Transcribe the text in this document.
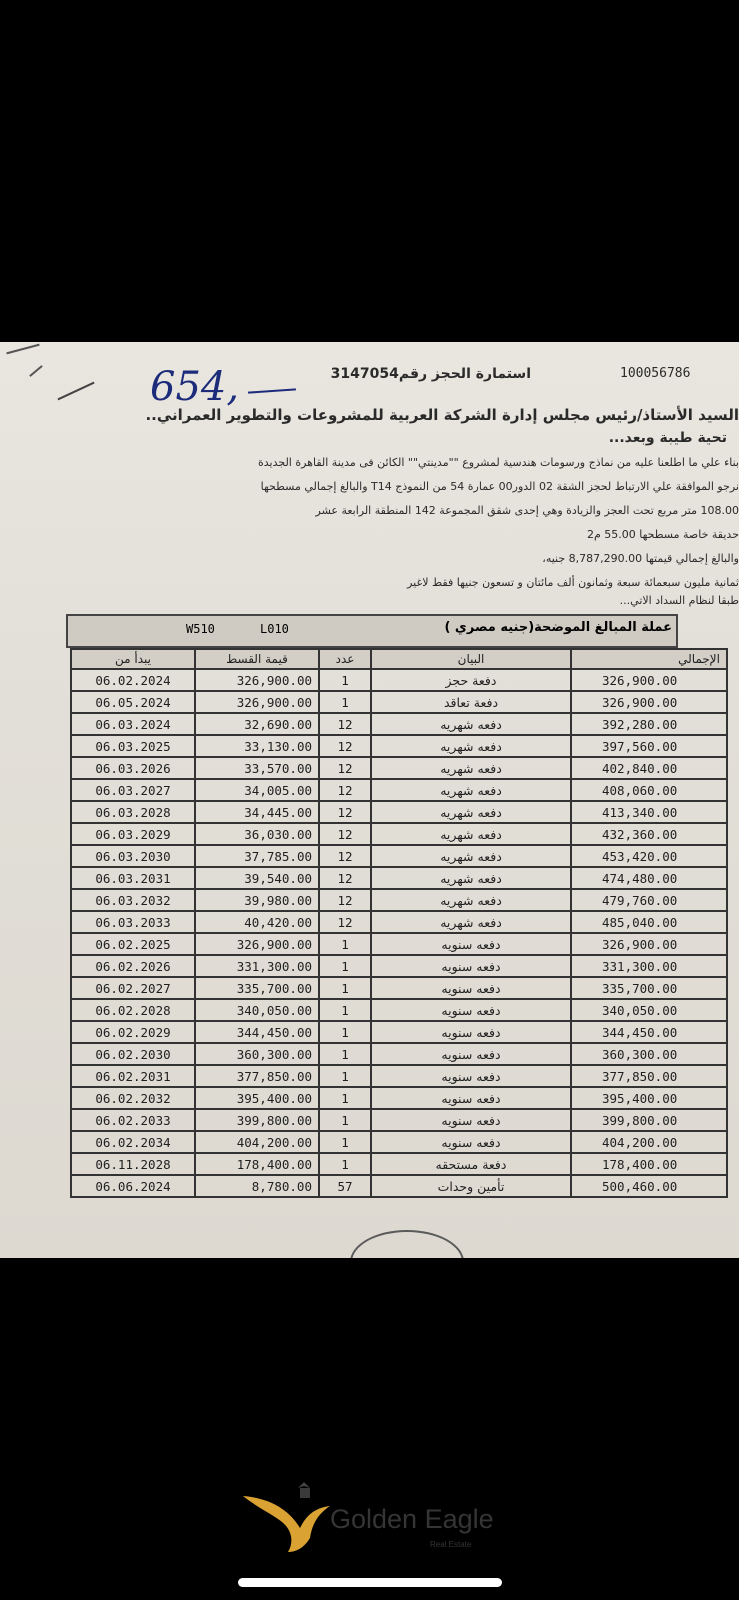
654,	100056786
استمارة الحجز رقم3147054
السيد الأستاذ/رئيس مجلس إدارة الشركة العربية للمشروعات والتطوير العمراني..
تحية طيبة وبعد...
بناء علي ما اطلعنا عليه من نماذج ورسومات هندسية لمشروع ""مدينتي"" الكائن فى مدينة القاهرة الجديدة
نرجو الموافقة علي الارتباط لحجز الشقة 02 الدور00 عمارة 54 من النموذج T14 والبالغ إجمالي مسطحها
108.00 متر مربع تحت العجز والزيادة وهي إحدى شقق المجموعة 142 المنطقة الرابعة عشر
حديقة خاصة مسطحها 55.00 م2
والبالغ إجمالي قيمتها 8,787,290.00 جنيه،
ثمانية مليون سبعمائة سبعة وثمانون ألف مائتان و تسعون جنيها فقط لاغير
طبقا لنظام السداد الاتي...
W510	L010	عملة المبالغ الموضحة(جنيه مصري )
يبدأ من	قيمة القسط	عدد	البيان	الإجمالي
06.02.2024	326,900.00	1	دفعة حجز	326,900.00
06.05.2024	326,900.00	1	دفعة تعاقد	326,900.00
06.03.2024	32,690.00	12	دفعه شهريه	392,280.00
06.03.2025	33,130.00	12	دفعه شهريه	397,560.00
06.03.2026	33,570.00	12	دفعه شهريه	402,840.00
06.03.2027	34,005.00	12	دفعه شهريه	408,060.00
06.03.2028	34,445.00	12	دفعه شهريه	413,340.00
06.03.2029	36,030.00	12	دفعه شهريه	432,360.00
06.03.2030	37,785.00	12	دفعه شهريه	453,420.00
06.03.2031	39,540.00	12	دفعه شهريه	474,480.00
06.03.2032	39,980.00	12	دفعه شهريه	479,760.00
06.03.2033	40,420.00	12	دفعه شهريه	485,040.00
06.02.2025	326,900.00	1	دفعه سنويه	326,900.00
06.02.2026	331,300.00	1	دفعه سنويه	331,300.00
06.02.2027	335,700.00	1	دفعه سنويه	335,700.00
06.02.2028	340,050.00	1	دفعه سنويه	340,050.00
06.02.2029	344,450.00	1	دفعه سنويه	344,450.00
06.02.2030	360,300.00	1	دفعه سنويه	360,300.00
06.02.2031	377,850.00	1	دفعه سنويه	377,850.00
06.02.2032	395,400.00	1	دفعه سنويه	395,400.00
06.02.2033	399,800.00	1	دفعه سنويه	399,800.00
06.02.2034	404,200.00	1	دفعه سنويه	404,200.00
06.11.2028	178,400.00	1	دفعة مستحقه	178,400.00
06.06.2024	8,780.00	57	تأمين وحدات	500,460.00
Golden Eagle
Real Estate
